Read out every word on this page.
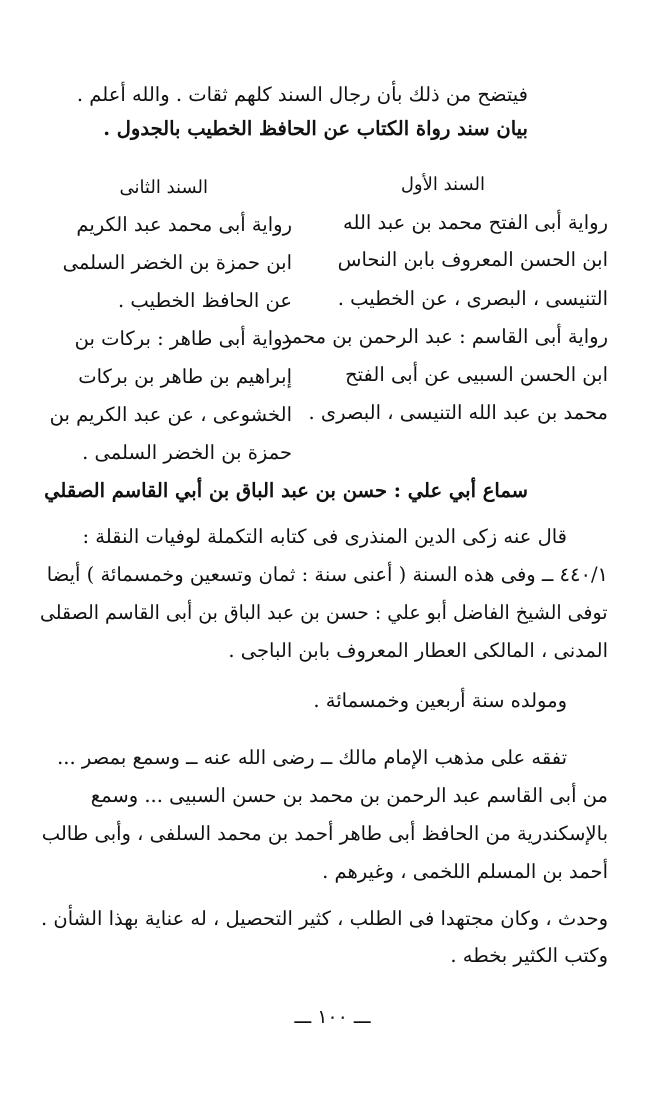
فيتضح من ذلك بأن رجال السند كلهم ثقات . والله أعلم .
بيان سند رواة الكتاب عن الحافظ الخطيب بالجدول .
السند الأول
السند الثانى
رواية أبى الفتح محمد بن عبد الله
ابن الحسن المعروف بابن النحاس
التنيسى ، البصرى ، عن الخطيب .
رواية أبى القاسم : عبد الرحمن بن محمد
ابن الحسن السبيى عن أبى الفتح
محمد بن عبد الله التنيسى ، البصرى .
رواية أبى محمد عبد الكريم
ابن حمزة بن الخضر السلمى
عن الحافظ الخطيب .
رواية أبى طاهر : بركات بن
إبراهيم بن طاهر بن بركات
الخشوعى ، عن عبد الكريم بن
حمزة بن الخضر السلمى .
سماع أبي علي : حسن بن عبد الباق بن أبي القاسم الصقلي
قال عنه زكى الدين المنذرى فى كتابه التكملة لوفيات النقلة :
٤٤٠/١ ــ وفى هذه السنة ( أعنى سنة : ثمان وتسعين وخمسمائة ) أيضا
توفى الشيخ الفاضل أبو علي : حسن بن عبد الباق بن أبى القاسم الصقلى
المدنى ، المالكى العطار المعروف بابن الباجى .
ومولده سنة أربعين وخمسمائة .
تفقه على مذهب الإمام مالك ــ رضى الله عنه ــ وسمع بمصر ...
من أبى القاسم عبد الرحمن بن محمد بن حسن السبيى ... وسمع
بالإسكندرية من الحافظ أبى طاهر أحمد بن محمد السلفى ، وأبى طالب
أحمد بن المسلم اللخمى ، وغيرهم .
وحدث ، وكان مجتهدا فى الطلب ، كثير التحصيل ، له عناية بهذا الشأن .
وكتب الكثير بخطه .
ـــ ١٠٠ ـــ
